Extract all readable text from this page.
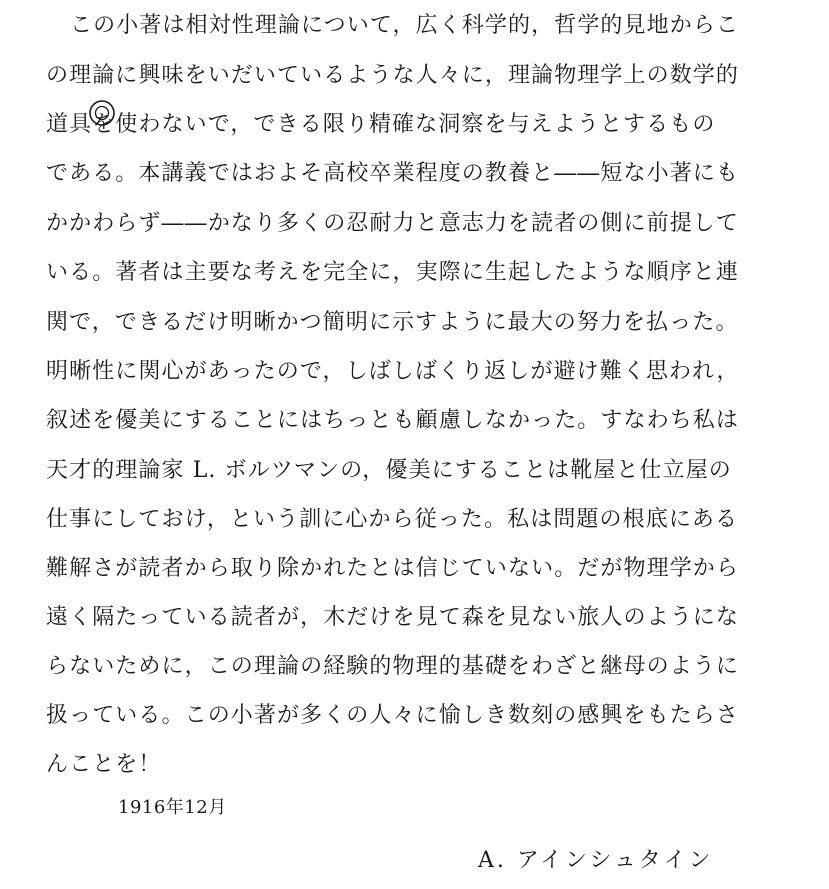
この小著は相対性理論について，広く科学的，哲学的見地からこ
の理論に興味をいだいているような人々に，理論物理学上の数学的
道具を使わないで，できる限り精確な洞察を与えようとするもの
である。本講義ではおよそ高校卒業程度の教養と――短な小著にも
かかわらず――かなり多くの忍耐力と意志力を読者の側に前提して
いる。著者は主要な考えを完全に，実際に生起したような順序と連
関で，できるだけ明晰かつ簡明に示すように最大の努力を払った。
明晰性に関心があったので，しばしばくり返しが避け難く思われ，
叙述を優美にすることにはちっとも顧慮しなかった。すなわち私は
天才的理論家 L. ボルツマンの，優美にすることは靴屋と仕立屋の
仕事にしておけ，という訓に心から従った。私は問題の根底にある
難解さが読者から取り除かれたとは信じていない。だが物理学から
遠く隔たっている読者が，木だけを見て森を見ない旅人のようにな
らないために，この理論の経験的物理的基礎をわざと継母のように
扱っている。この小著が多くの人々に愉しき数刻の感興をもたらさ
んことを！
1916年12月
A. アインシュタイン
